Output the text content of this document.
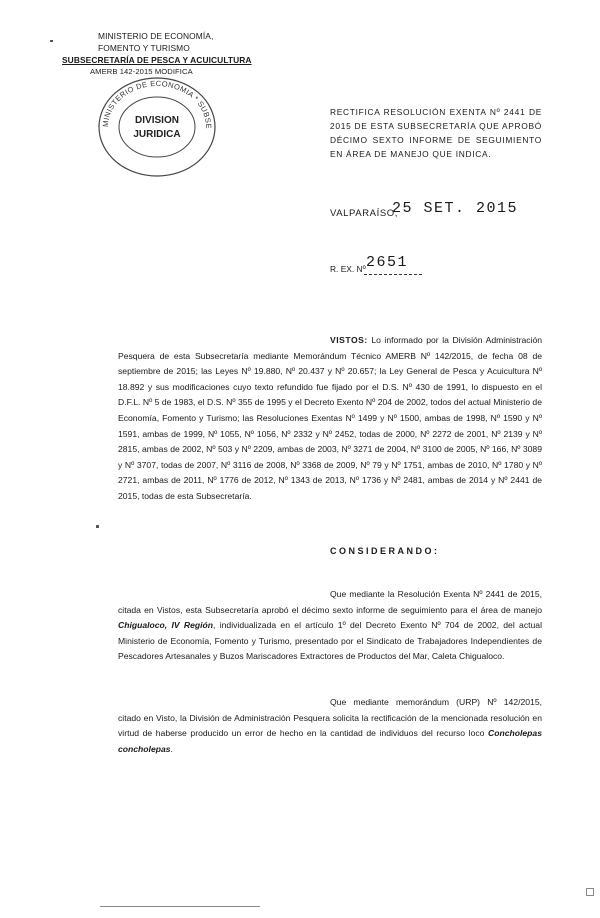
MINISTERIO DE ECONOMÍA,
FOMENTO Y TURISMO
SUBSECRETARÍA DE PESCA Y ACUICULTURA
AMERB 142-2015 MODIFICA
MINISTERIO DE ECONOMIA * SUBSE
DIVISION
JURIDICA
RECTIFICA RESOLUCIÓN EXENTA Nº 2441 DE 2015 DE ESTA SUBSECRETARÍA QUE APROBÓ DÉCIMO SEXTO INFORME DE SEGUIMIENTO EN ÁREA DE MANEJO QUE INDICA.
VALPARAÍSO,
25 SET. 2015
R. EX. Nº 2651
VISTOS: Lo informado por la División Administración Pesquera de esta Subsecretaría mediante Memorándum Técnico AMERB Nº 142/2015, de fecha 08 de septiembre de 2015; las Leyes Nº 19.880, Nº 20.437 y Nº 20.657; la Ley General de Pesca y Acuicultura Nº 18.892 y sus modificaciones cuyo texto refundido fue fijado por el D.S. Nº 430 de 1991, lo dispuesto en el D.F.L. Nº 5 de 1983, el D.S. Nº 355 de 1995 y el Decreto Exento Nº 204 de 2002, todos del actual Ministerio de Economía, Fomento y Turismo; las Resoluciones Exentas Nº 1499 y Nº 1500, ambas de 1998, Nº 1590 y Nº 1591, ambas de 1999, Nº 1055, Nº 1056, Nº 2332 y Nº 2452, todas de 2000, Nº 2272 de 2001, Nº 2139 y Nº 2815, ambas de 2002, Nº 503 y Nº 2209, ambas de 2003, Nº 3271 de 2004, Nº 3100 de 2005, Nº 166, Nº 3089 y Nº 3707, todas de 2007, Nº 3116 de 2008, Nº 3368 de 2009, Nº 79 y Nº 1751, ambas de 2010, Nº 1780 y Nº 2721, ambas de 2011, Nº 1776 de 2012, Nº 1343 de 2013, Nº 1736 y Nº 2481, ambas de 2014 y Nº 2441 de 2015, todas de esta Subsecretaría.
CONSIDERANDO:
Que mediante la Resolución Exenta Nº 2441 de 2015, citada en Vistos, esta Subsecretaría aprobó el décimo sexto informe de seguimiento para el área de manejo Chigualoco, IV Región, individualizada en el artículo 1º del Decreto Exento Nº 704 de 2002, del actual Ministerio de Economía, Fomento y Turismo, presentado por el Sindicato de Trabajadores Independientes de Pescadores Artesanales y Buzos Mariscadores Extractores de Productos del Mar, Caleta Chigualoco.
Que mediante memorándum (URP) Nº 142/2015, citado en Visto, la División de Administración Pesquera solicita la rectificación de la mencionada resolución en virtud de haberse producido un error de hecho en la cantidad de individuos del recurso loco Concholepas concholepas.
